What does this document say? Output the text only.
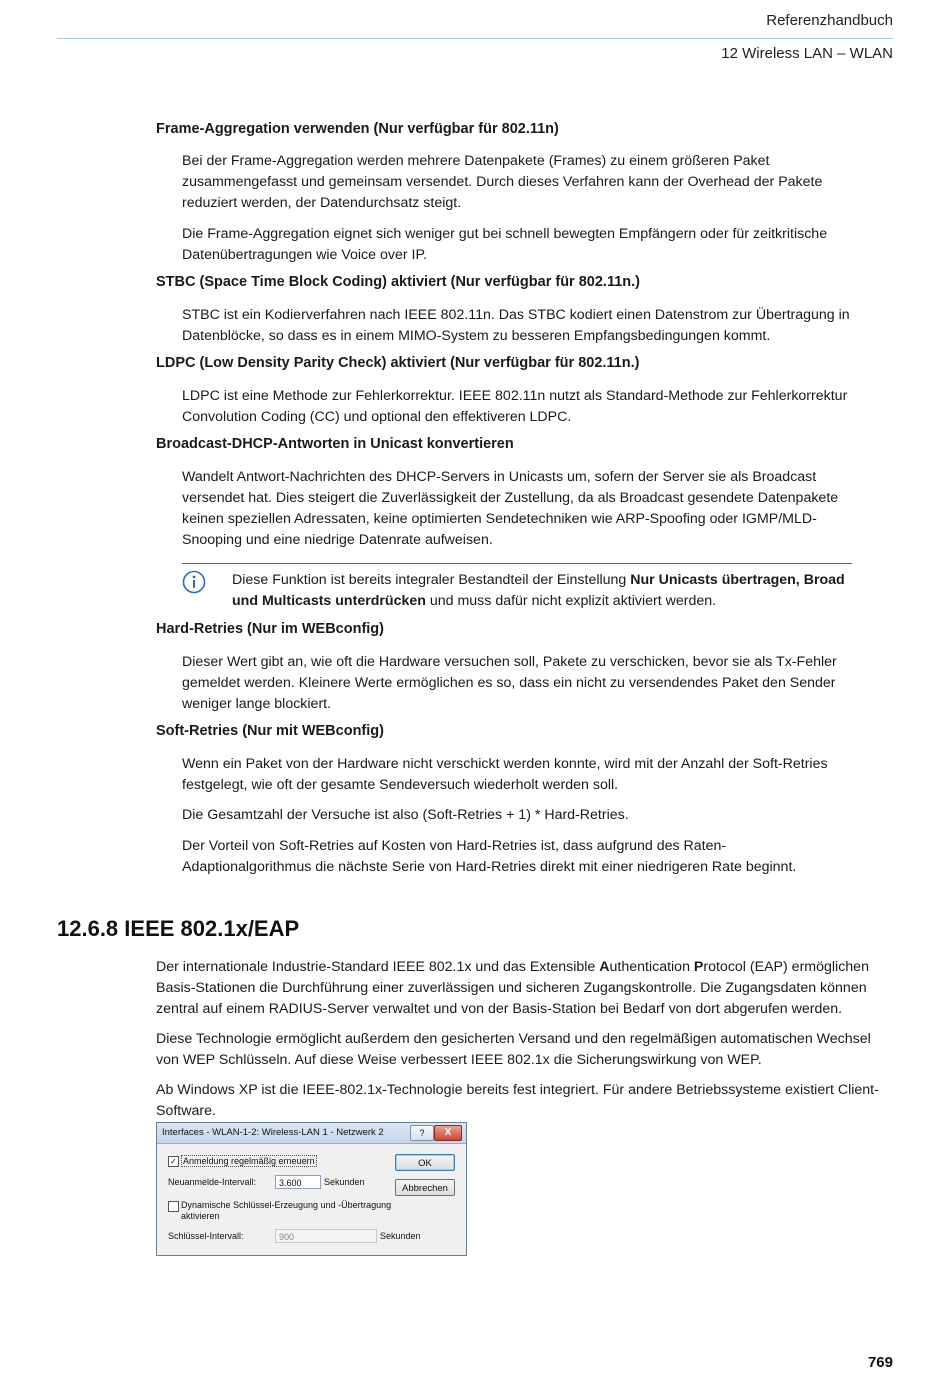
Referenzhandbuch
12 Wireless LAN – WLAN
Frame-Aggregation verwenden (Nur verfügbar für 802.11n)
Bei der Frame-Aggregation werden mehrere Datenpakete (Frames) zu einem größeren Paket zusammengefasst und gemeinsam versendet. Durch dieses Verfahren kann der Overhead der Pakete reduziert werden, der Datendurchsatz steigt.
Die Frame-Aggregation eignet sich weniger gut bei schnell bewegten Empfängern oder für zeitkritische Datenübertragungen wie Voice over IP.
STBC (Space Time Block Coding) aktiviert (Nur verfügbar für 802.11n.)
STBC ist ein Kodierverfahren nach IEEE 802.11n. Das STBC kodiert einen Datenstrom zur Übertragung in Datenblöcke, so dass es in einem MIMO-System zu besseren Empfangsbedingungen kommt.
LDPC (Low Density Parity Check) aktiviert (Nur verfügbar für 802.11n.)
LDPC ist eine Methode zur Fehlerkorrektur. IEEE 802.11n nutzt als Standard-Methode zur Fehlerkorrektur Convolution Coding (CC) und optional den effektiveren LDPC.
Broadcast-DHCP-Antworten in Unicast konvertieren
Wandelt Antwort-Nachrichten des DHCP-Servers in Unicasts um, sofern der Server sie als Broadcast versendet hat. Dies steigert die Zuverlässigkeit der Zustellung, da als Broadcast gesendete Datenpakete keinen speziellen Adressaten, keine optimierten Sendetechniken wie ARP-Spoofing oder IGMP/MLD-Snooping und eine niedrige Datenrate aufweisen.
Diese Funktion ist bereits integraler Bestandteil der Einstellung Nur Unicasts übertragen, Broad und Multicasts unterdrücken und muss dafür nicht explizit aktiviert werden.
Hard-Retries (Nur im WEBconfig)
Dieser Wert gibt an, wie oft die Hardware versuchen soll, Pakete zu verschicken, bevor sie als Tx-Fehler gemeldet werden. Kleinere Werte ermöglichen es so, dass ein nicht zu versendendes Paket den Sender weniger lange blockiert.
Soft-Retries (Nur mit WEBconfig)
Wenn ein Paket von der Hardware nicht verschickt werden konnte, wird mit der Anzahl der Soft-Retries festgelegt, wie oft der gesamte Sendeversuch wiederholt werden soll.
Die Gesamtzahl der Versuche ist also (Soft-Retries + 1) * Hard-Retries.
Der Vorteil von Soft-Retries auf Kosten von Hard-Retries ist, dass aufgrund des Raten-Adaptionalgorithmus die nächste Serie von Hard-Retries direkt mit einer niedrigeren Rate beginnt.
12.6.8 IEEE 802.1x/EAP
Der internationale Industrie-Standard IEEE 802.1x und das Extensible Authentication Protocol (EAP) ermöglichen Basis-Stationen die Durchführung einer zuverlässigen und sicheren Zugangskontrolle. Die Zugangsdaten können zentral auf einem RADIUS-Server verwaltet und von der Basis-Station bei Bedarf von dort abgerufen werden.
Diese Technologie ermöglicht außerdem den gesicherten Versand und den regelmäßigen automatischen Wechsel von WEP Schlüsseln. Auf diese Weise verbessert IEEE 802.1x die Sicherungswirkung von WEP.
Ab Windows XP ist die IEEE-802.1x-Technologie bereits fest integriert. Für andere Betriebssysteme existiert Client-Software.
Interfaces - WLAN-1-2: Wireless-LAN 1 - Netzwerk 2	?	X
✓ Anmeldung regelmäßig erneuern
Neuanmelde-Intervall:	3.600	Sekunden
Dynamische Schlüssel-Erzeugung und -Übertragung
aktivieren
Schlüssel-Intervall:	900	Sekunden
OK
Abbrechen
769
